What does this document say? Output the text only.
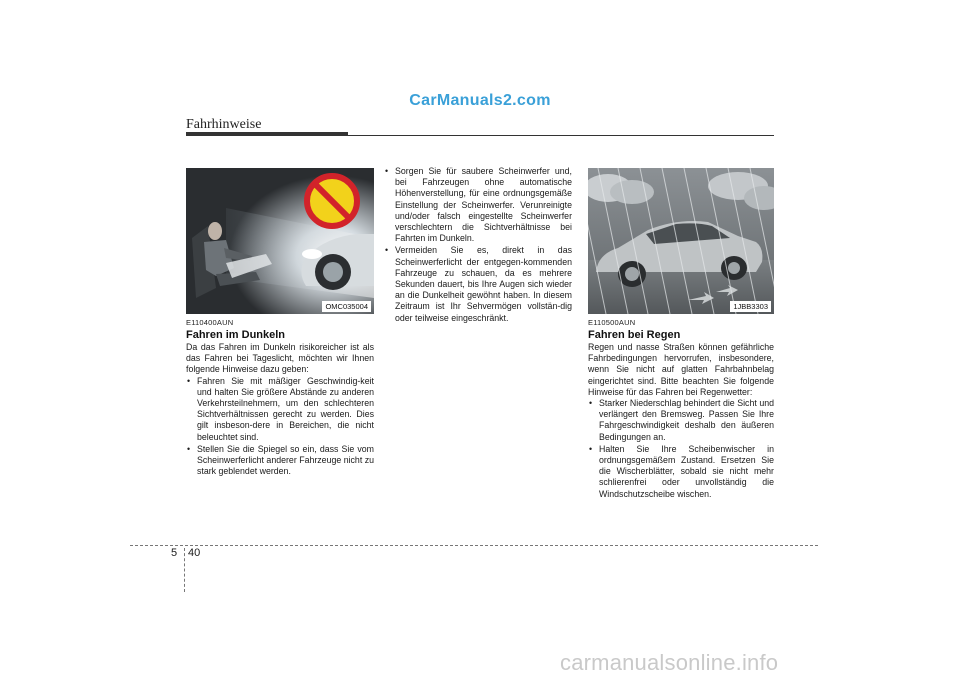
CarManuals2.com
Fahrhinweise
OMC035004	1JBB3303
E110400AUN
Fahren im Dunkeln
Da das Fahren im Dunkeln risikoreicher ist als das Fahren bei Tageslicht, möchten wir Ihnen folgende Hinweise dazu geben:
• Fahren Sie mit mäßiger Geschwindig-keit und halten Sie größere Abstände zu anderen Verkehrsteilnehmern, um den schlechteren Sichtverhältnissen gerecht zu werden. Dies gilt insbeson-dere in Bereichen, die nicht beleuchtet sind.
• Stellen Sie die Spiegel so ein, dass Sie vom Scheinwerferlicht anderer Fahrzeuge nicht zu stark geblendet werden.
• Sorgen Sie für saubere Scheinwerfer und, bei Fahrzeugen ohne automatische Höhenverstellung, für eine ordnungsgemäße Einstellung der Scheinwerfer. Verunreinigte und/oder falsch eingestellte Scheinwerfer verschlechtern die Sichtverhältnisse bei Fahrten im Dunkeln.
• Vermeiden Sie es, direkt in das Scheinwerferlicht der entgegen-kommenden Fahrzeuge zu schauen, da es mehrere Sekunden dauert, bis Ihre Augen sich wieder an die Dunkelheit gewöhnt haben. In diesem Zeitraum ist Ihr Sehvermögen vollstän-dig oder teilweise eingeschränkt.	E110500AUN
Fahren bei Regen
Regen und nasse Straßen können gefährliche Fahrbedingungen hervorrufen, insbesondere, wenn Sie nicht auf glatten Fahrbahnbelag eingerichtet sind. Bitte beachten Sie folgende Hinweise für das Fahren bei Regenwetter:
• Starker Niederschlag behindert die Sicht und verlängert den Bremsweg. Passen Sie Ihre Fahrgeschwindigkeit deshalb den äußeren Bedingungen an.
• Halten Sie Ihre Scheibenwischer in ordnungsgemäßem Zustand. Ersetzen Sie die Wischerblätter, sobald sie nicht mehr schlierenfrei oder unvollständig die Windschutzscheibe wischen.
5 40
carmanualsonline.info
